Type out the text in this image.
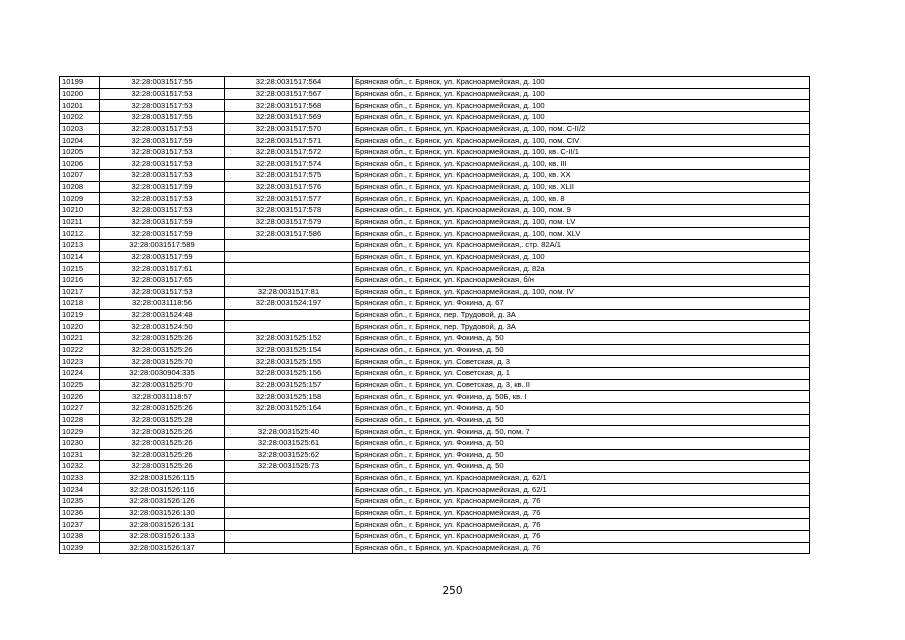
10199	32:28:0031517:55	32:28:0031517:564	Брянская обл., г. Брянск, ул. Красноармейская, д. 100
10200	32:28:0031517:53	32:28:0031517:567	Брянская обл., г. Брянск, ул. Красноармейская, д. 100
10201	32:28:0031517:53	32:28:0031517:568	Брянская обл., г. Брянск, ул. Красноармейская, д. 100
10202	32:28:0031517:55	32:28:0031517:569	Брянская обл., г. Брянск, ул. Красноармейская, д. 100
10203	32:28:0031517:53	32:28:0031517:570	Брянская обл., г. Брянск, ул. Красноармейская, д. 100, пом. С-II/2
10204	32:28:0031517:59	32:28:0031517:571	Брянская обл., г. Брянск, ул. Красноармейская, д. 100, пом. CIV
10205	32:28:0031517:53	32:28:0031517:572	Брянская обл., г. Брянск, ул. Красноармейская, д. 100, кв. С-II/1
10206	32:28:0031517:53	32:28:0031517:574	Брянская обл., г. Брянск, ул. Красноармейская, д. 100, кв. III
10207	32:28:0031517:53	32:28:0031517:575	Брянская обл., г. Брянск, ул. Красноармейская, д. 100, кв. XX
10208	32:28:0031517:59	32:28:0031517:576	Брянская обл., г. Брянск, ул. Красноармейская, д. 100, кв. XLII
10209	32:28:0031517:53	32:28:0031517:577	Брянская обл., г. Брянск, ул. Красноармейская, д. 100, кв. 8
10210	32:28:0031517:53	32:28:0031517:578	Брянская обл., г. Брянск, ул. Красноармейская, д. 100, пом. 9
10211	32:28:0031517:59	32:28:0031517:579	Брянская обл., г. Брянск, ул. Красноармейская, д. 100, пом. LV
10212	32:28:0031517:59	32:28:0031517:586	Брянская обл., г. Брянск, ул. Красноармейская, д. 100, пом. XLV
10213	32:28:0031517:589		Брянская обл., г. Брянск, ул. Красноармейская,. стр. 82А/1
10214	32:28:0031517:59		Брянская обл., г. Брянск, ул. Красноармейская, д. 100
10215	32:28:0031517:61		Брянская обл., г. Брянск, ул. Красноармейская, д. 82а
10216	32:28:0031517:65		Брянская обл., г. Брянск, ул. Красноармейская, б/н
10217	32:28:0031517:53	32:28:0031517:81	Брянская обл., г. Брянск, ул. Красноармейская, д. 100, пом. IV
10218	32:28:0031118:56	32:28:0031524:197	Брянская обл., г. Брянск, ул. Фокина, д. 67
10219	32:28:0031524:48		Брянская обл., г. Брянск, пер. Трудовой, д. 3А
10220	32:28:0031524:50		Брянская обл., г. Брянск, пер. Трудовой, д. 3А
10221	32:28:0031525:26	32:28:0031525:152	Брянская обл., г. Брянск, ул. Фокина, д. 50
10222	32:28:0031525:26	32:28:0031525:154	Брянская обл., г. Брянск, ул. Фокина, д. 50
10223	32:28:0031525:70	32:28:0031525:155	Брянская обл., г. Брянск, ул. Советская, д. 3
10224	32:28:0030904:335	32:28:0031525:156	Брянская обл., г. Брянск, ул. Советская, д. 1
10225	32:28:0031525:70	32:28:0031525:157	Брянская обл., г. Брянск, ул. Советская, д. 3, кв. II
10226	32:28:0031118:57	32:28:0031525:158	Брянская обл., г. Брянск, ул. Фокина, д. 50Б, кв. I
10227	32:28:0031525:26	32:28:0031525:164	Брянская обл., г. Брянск, ул. Фокина, д. 50
10228	32:28:0031525:28		Брянская обл., г. Брянск, ул. Фокина, д. 50
10229	32:28:0031525:26	32:28:0031525:40	Брянская обл., г. Брянск, ул. Фокина, д. 50, пом. 7
10230	32:28:0031525:26	32:28:0031525:61	Брянская обл., г. Брянск, ул. Фокина, д. 50
10231	32:28:0031525:26	32:28:0031525:62	Брянская обл., г. Брянск, ул. Фокина, д. 50
10232	32:28:0031525:26	32:28:0031525:73	Брянская обл., г. Брянск, ул. Фокина, д. 50
10233	32:28:0031526:115		Брянская обл., г. Брянск, ул. Красноармейская, д. 62/1
10234	32:28:0031526:116		Брянская обл., г. Брянск, ул. Красноармейская, д. 62/1
10235	32:28:0031526:126		Брянская обл., г. Брянск, ул. Красноармейская, д. 76
10236	32:28:0031526:130		Брянская обл., г. Брянск, ул. Красноармейская, д. 76
10237	32:28:0031526:131		Брянская обл., г. Брянск, ул. Красноармейская, д. 76
10238	32:28:0031526:133		Брянская обл., г. Брянск, ул. Красноармейская, д. 76
10239	32:28:0031526:137		Брянская обл., г. Брянск, ул. Красноармейская, д. 76
250
